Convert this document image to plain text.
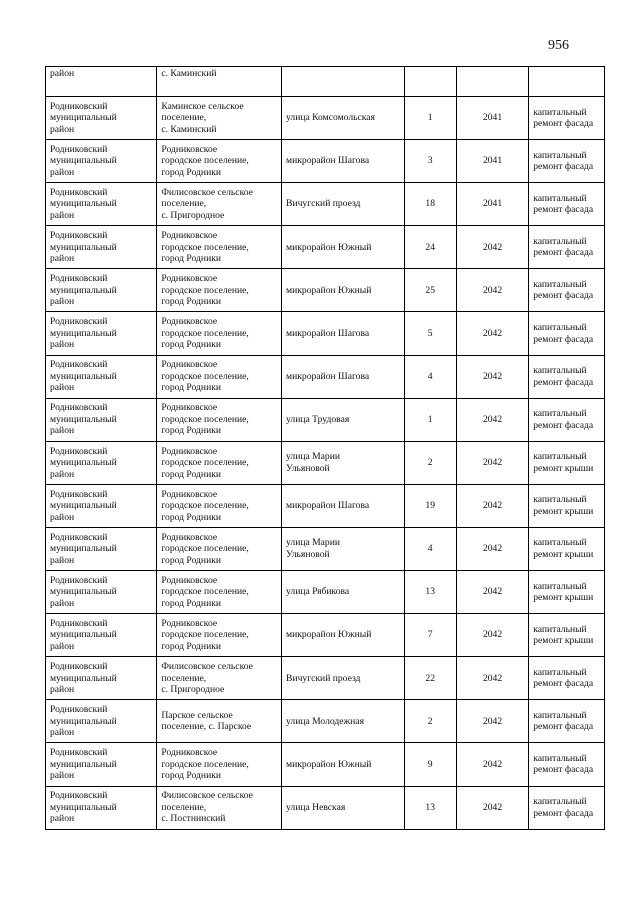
956
район	с. Каминский				

Родниковский
муниципальный
район	Каминское сельское
поселение,
с. Каминский	улица Комсомольская	1	2041	капитальный
ремонт фасада

Родниковский
муниципальный
район	Родниковское
городское поселение,
город Родники	микрорайон Шагова	3	2041	капитальный
ремонт фасада

Родниковский
муниципальный
район	Филисовское сельское
поселение,
с. Пригородное	Вичугский проезд	18	2041	капитальный
ремонт фасада

Родниковский
муниципальный
район	Родниковское
городское поселение,
город Родники	микрорайон Южный	24	2042	капитальный
ремонт фасада

Родниковский
муниципальный
район	Родниковское
городское поселение,
город Родники	микрорайон Южный	25	2042	капитальный
ремонт фасада

Родниковский
муниципальный
район	Родниковское
городское поселение,
город Родники	микрорайон Шагова	5	2042	капитальный
ремонт фасада

Родниковский
муниципальный
район	Родниковское
городское поселение,
город Родники	микрорайон Шагова	4	2042	капитальный
ремонт фасада

Родниковский
муниципальный
район	Родниковское
городское поселение,
город Родники	улица Трудовая	1	2042	капитальный
ремонт фасада

Родниковский
муниципальный
район	Родниковское
городское поселение,
город Родники	улица Марии
Ульяновой	2	2042	капитальный
ремонт крыши

Родниковский
муниципальный
район	Родниковское
городское поселение,
город Родники	микрорайон Шагова	19	2042	капитальный
ремонт крыши

Родниковский
муниципальный
район	Родниковское
городское поселение,
город Родники	улица Марии
Ульяновой	4	2042	капитальный
ремонт крыши

Родниковский
муниципальный
район	Родниковское
городское поселение,
город Родники	улица Рябикова	13	2042	капитальный
ремонт крыши

Родниковский
муниципальный
район	Родниковское
городское поселение,
город Родники	микрорайон Южный	7	2042	капитальный
ремонт крыши

Родниковский
муниципальный
район	Филисовское сельское
поселение,
с. Пригородное	Вичугский проезд	22	2042	капитальный
ремонт фасада

Родниковский
муниципальный
район	Парское сельское
поселение, с. Парское	улица Молодежная	2	2042	капитальный
ремонт фасада

Родниковский
муниципальный
район	Родниковское
городское поселение,
город Родники	микрорайон Южный	9	2042	капитальный
ремонт фасада

Родниковский
муниципальный
район	Филисовское сельское
поселение,
с. Постнинский	улица Невская	13	2042	капитальный
ремонт фасада
